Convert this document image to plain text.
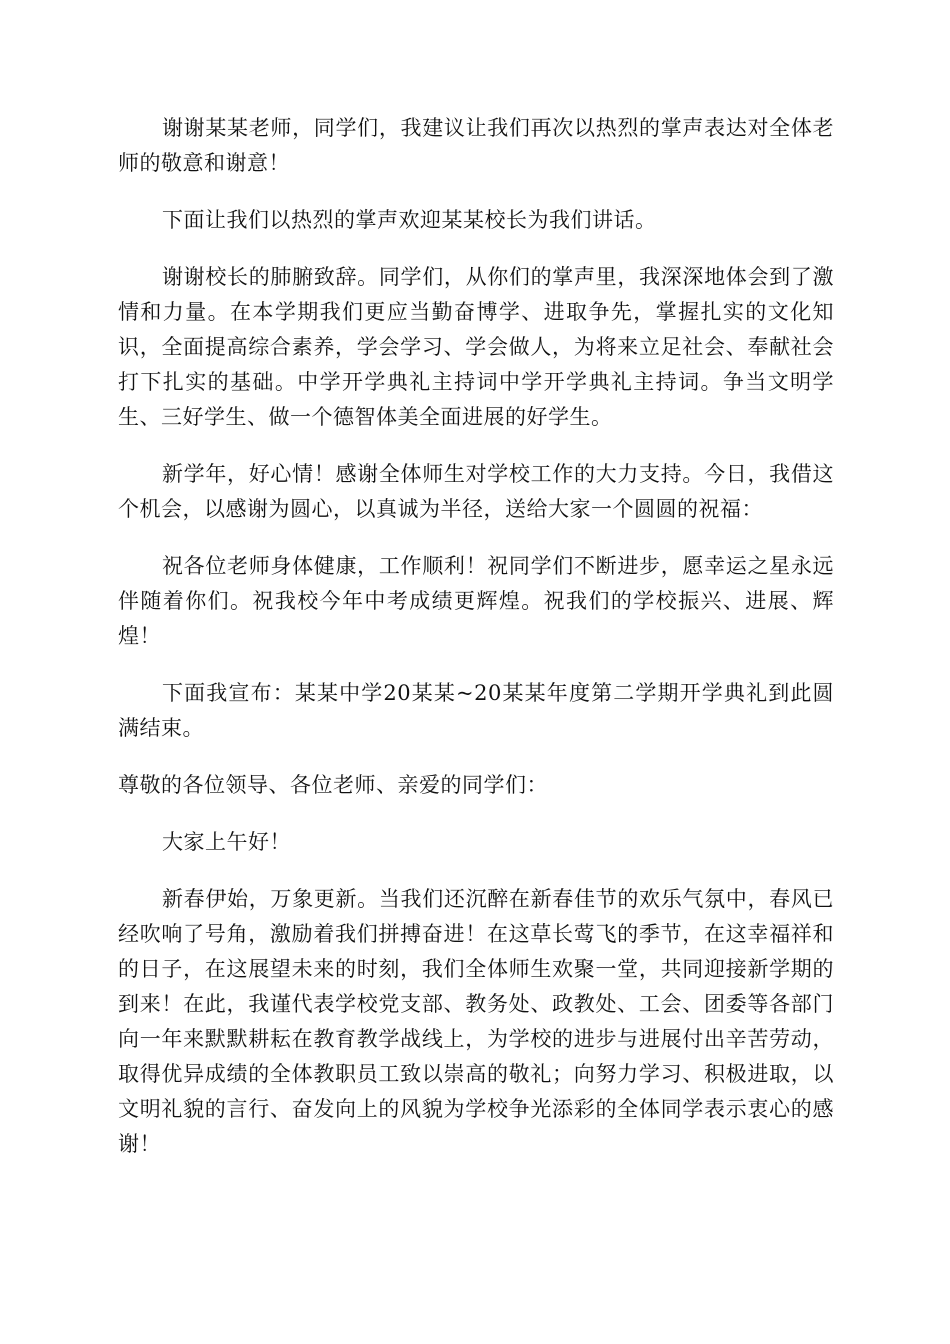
谢谢某某老师，同学们，我建议让我们再次以热烈的掌声表达对全体老师的敬意和谢意！

下面让我们以热烈的掌声欢迎某某校长为我们讲话。

谢谢校长的肺腑致辞。同学们，从你们的掌声里，我深深地体会到了激情和力量。在本学期我们更应当勤奋博学、进取争先，掌握扎实的文化知识，全面提高综合素养，学会学习、学会做人，为将来立足社会、奉献社会打下扎实的基础。中学开学典礼主持词中学开学典礼主持词。争当文明学生、三好学生、做一个德智体美全面进展的好学生。

新学年，好心情！感谢全体师生对学校工作的大力支持。今日，我借这个机会，以感谢为圆心，以真诚为半径，送给大家一个圆圆的祝福：

祝各位老师身体健康，工作顺利！祝同学们不断进步，愿幸运之星永远伴随着你们。祝我校今年中考成绩更辉煌。祝我们的学校振兴、进展、辉煌！

下面我宣布：某某中学20某某~20某某年度第二学期开学典礼到此圆满结束。

尊敬的各位领导、各位老师、亲爱的同学们：

大家上午好！

新春伊始，万象更新。当我们还沉醉在新春佳节的欢乐气氛中，春风已经吹响了号角，激励着我们拼搏奋进！在这草长莺飞的季节，在这幸福祥和的日子，在这展望未来的时刻，我们全体师生欢聚一堂，共同迎接新学期的到来！在此，我谨代表学校党支部、教务处、政教处、工会、团委等各部门向一年来默默耕耘在教育教学战线上，为学校的进步与进展付出辛苦劳动，取得优异成绩的全体教职员工致以崇高的敬礼；向努力学习、积极进取，以文明礼貌的言行、奋发向上的风貌为学校争光添彩的全体同学表示衷心的感谢！
